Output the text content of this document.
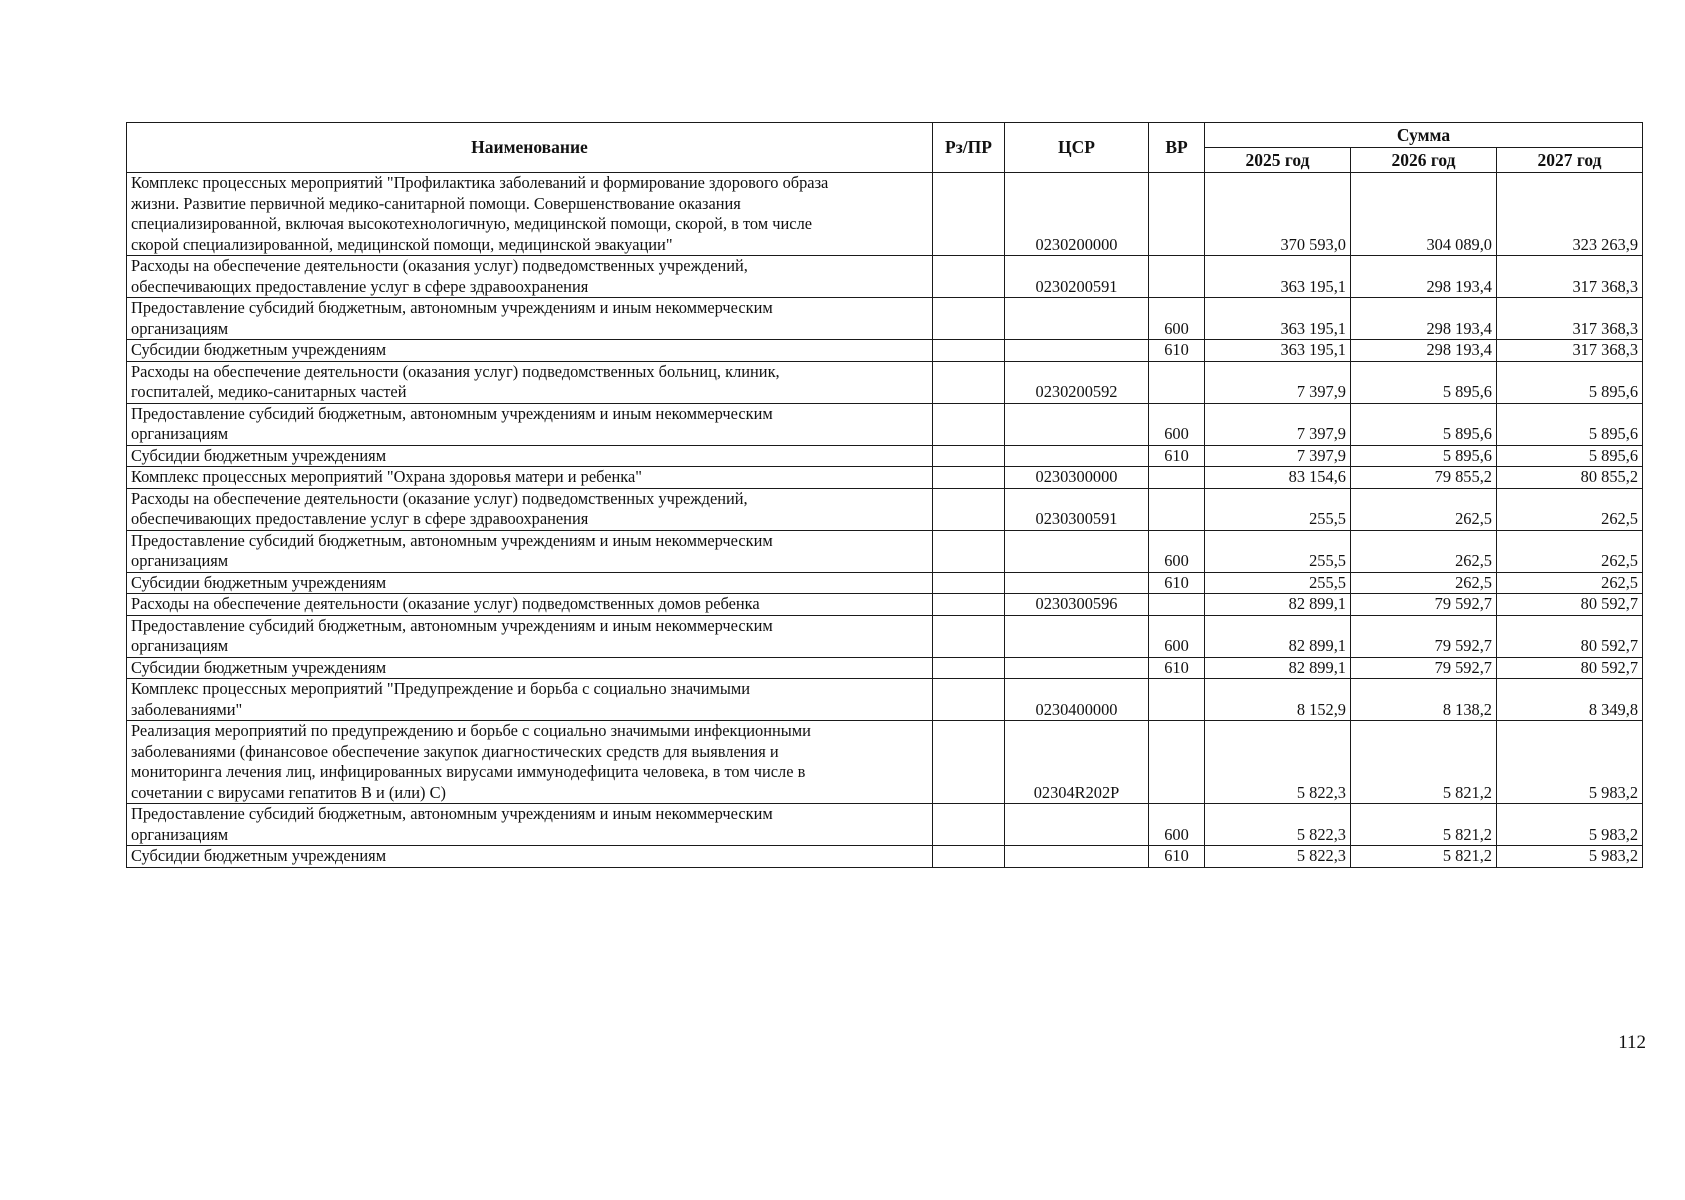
Наименование	Рз/ПР	ЦСР	ВР	Сумма		
				2025 год	2026 год	2027 год

Комплекс процессных мероприятий "Профилактика заболеваний и формирование здорового образа
жизни. Развитие первичной медико-санитарной помощи. Совершенствование оказания
специализированной, включая высокотехнологичную, медицинской помощи, скорой, в том числе
скорой специализированной, медицинской помощи, медицинской эвакуации"		0230200000		370 593,0	304 089,0	323 263,9

Расходы на обеспечение деятельности (оказания услуг) подведомственных учреждений,
обеспечивающих предоставление услуг в сфере здравоохранения		0230200591		363 195,1	298 193,4	317 368,3

Предоставление субсидий бюджетным, автономным учреждениям и иным некоммерческим
организациям			600	363 195,1	298 193,4	317 368,3

Субсидии бюджетным учреждениям			610	363 195,1	298 193,4	317 368,3

Расходы на обеспечение деятельности (оказания услуг) подведомственных больниц, клиник,
госпиталей, медико-санитарных частей		0230200592		7 397,9	5 895,6	5 895,6

Предоставление субсидий бюджетным, автономным учреждениям и иным некоммерческим
организациям			600	7 397,9	5 895,6	5 895,6

Субсидии бюджетным учреждениям			610	7 397,9	5 895,6	5 895,6

Комплекс процессных мероприятий "Охрана здоровья матери и ребенка"		0230300000		83 154,6	79 855,2	80 855,2

Расходы на обеспечение деятельности (оказание услуг) подведомственных учреждений,
обеспечивающих предоставление услуг в сфере здравоохранения		0230300591		255,5	262,5	262,5

Предоставление субсидий бюджетным, автономным учреждениям и иным некоммерческим
организациям			600	255,5	262,5	262,5

Субсидии бюджетным учреждениям			610	255,5	262,5	262,5

Расходы на обеспечение деятельности (оказание услуг) подведомственных домов ребенка		0230300596		82 899,1	79 592,7	80 592,7

Предоставление субсидий бюджетным, автономным учреждениям и иным некоммерческим
организациям			600	82 899,1	79 592,7	80 592,7

Субсидии бюджетным учреждениям			610	82 899,1	79 592,7	80 592,7

Комплекс процессных мероприятий "Предупреждение и борьба с социально значимыми
заболеваниями"		0230400000		8 152,9	8 138,2	8 349,8

Реализация мероприятий по предупреждению и борьбе с социально значимыми инфекционными
заболеваниями (финансовое обеспечение закупок диагностических средств для выявления и
мониторинга лечения лиц, инфицированных вирусами иммунодефицита человека, в том числе в
сочетании с вирусами гепатитов В и (или) С)		02304R202P		5 822,3	5 821,2	5 983,2

Предоставление субсидий бюджетным, автономным учреждениям и иным некоммерческим
организациям			600	5 822,3	5 821,2	5 983,2

Субсидии бюджетным учреждениям			610	5 822,3	5 821,2	5 983,2
112
